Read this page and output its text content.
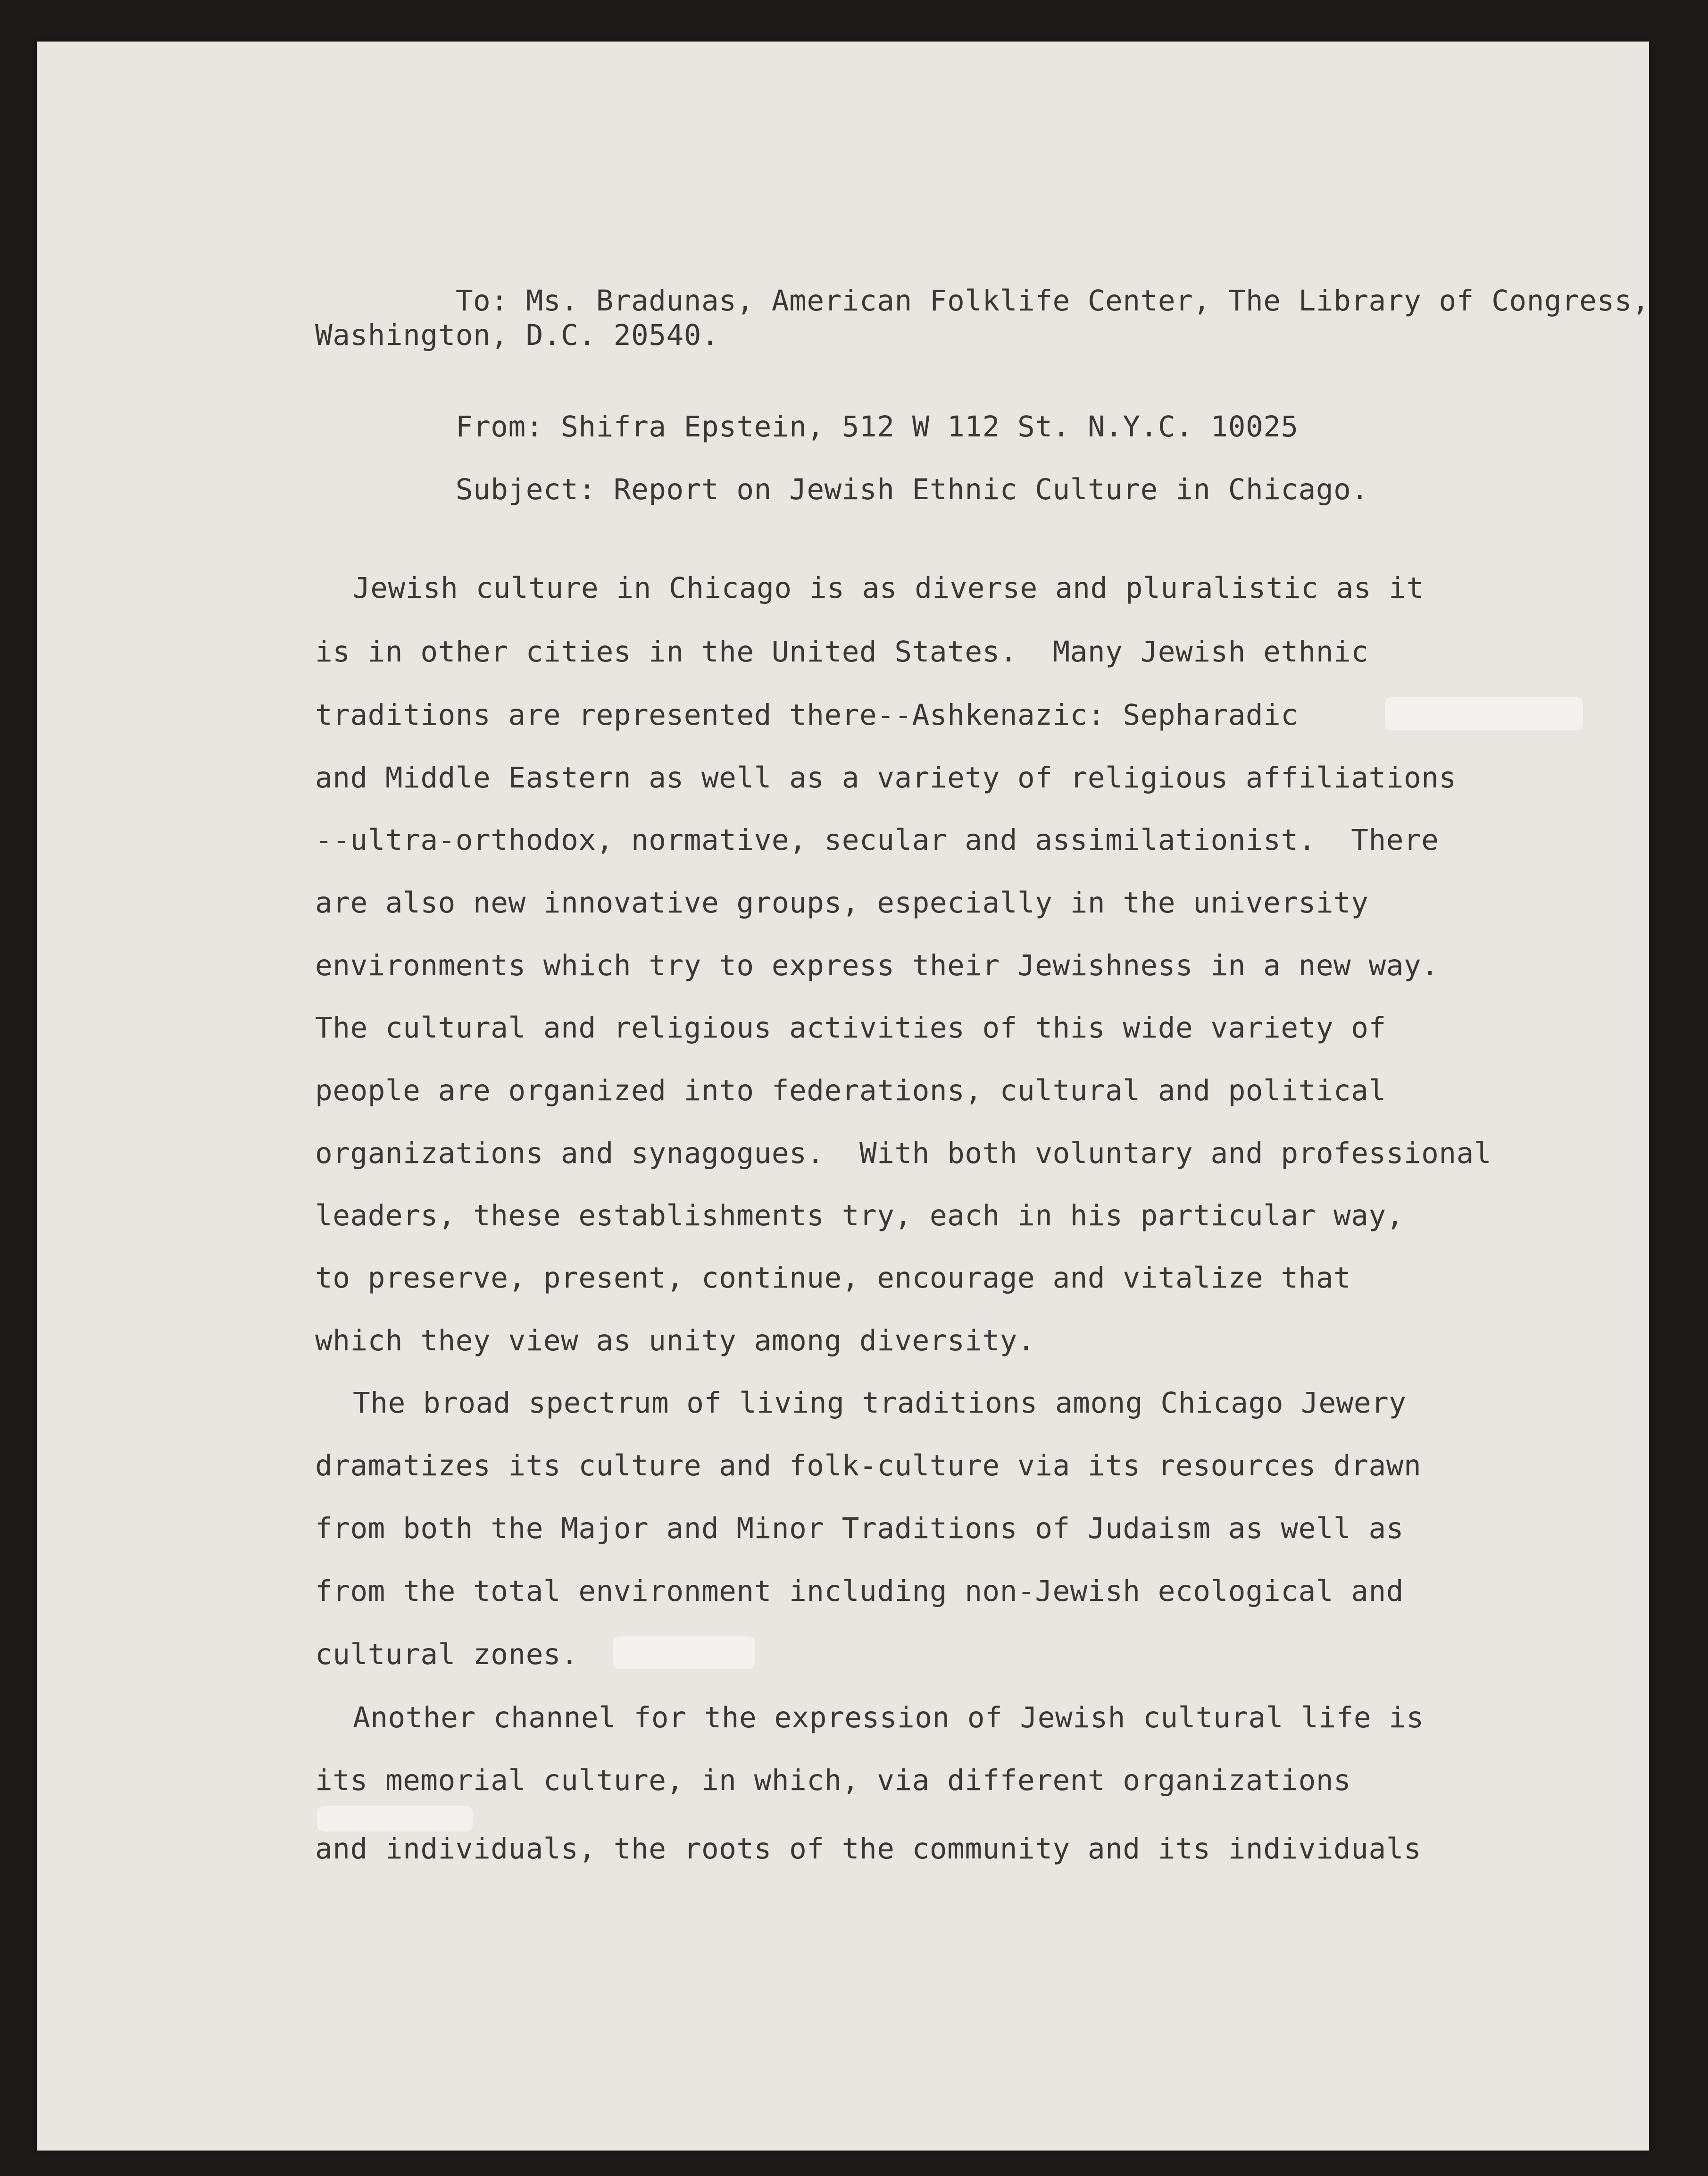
To: Ms. Bradunas, American Folklife Center, The Library of Congress,

Washington, D.C. 20540.

From: Shifra Epstein, 512 W 112 St. N.Y.C. 10025

Subject: Report on Jewish Ethnic Culture in Chicago.

Jewish culture in Chicago is as diverse and pluralistic as it

is in other cities in the United States.  Many Jewish ethnic

traditions are represented there--Ashkenazic: Sepharadic

and Middle Eastern as well as a variety of religious affiliations

--ultra-orthodox, normative, secular and assimilationist.  There

are also new innovative groups, especially in the university

environments which try to express their Jewishness in a new way.

The cultural and religious activities of this wide variety of

people are organized into federations, cultural and political

organizations and synagogues.  With both voluntary and professional

leaders, these establishments try, each in his particular way,

to preserve, present, continue, encourage and vitalize that

which they view as unity among diversity.

The broad spectrum of living traditions among Chicago Jewery

dramatizes its culture and folk-culture via its resources drawn

from both the Major and Minor Traditions of Judaism as well as

from the total environment including non-Jewish ecological and

cultural zones.

Another channel for the expression of Jewish cultural life is

its memorial culture, in which, via different organizations

and individuals, the roots of the community and its individuals
